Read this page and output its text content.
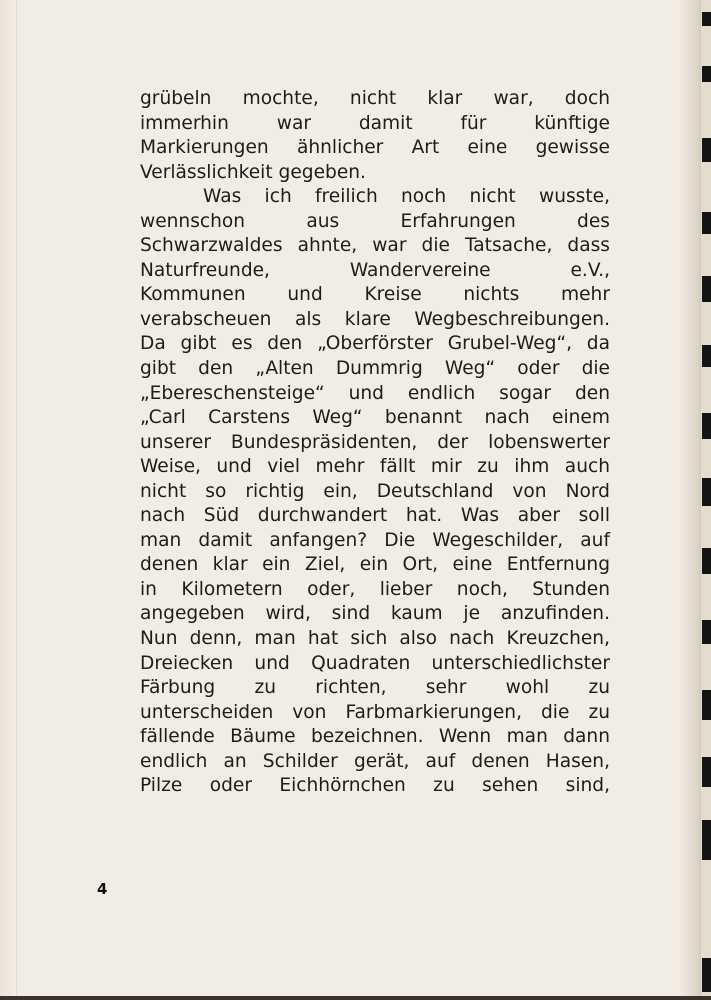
grübeln mochte, nicht klar war, doch
immerhin war damit für künftige
Markierungen ähnlicher Art eine gewisse
Verlässlichkeit gegeben.
Was ich freilich noch nicht wusste,
wennschon aus Erfahrungen des
Schwarzwaldes ahnte, war die Tatsache, dass
Naturfreunde, Wandervereine e.V.,
Kommunen und Kreise nichts mehr
verabscheuen als klare Wegbeschreibungen.
Da gibt es den „Oberförster Grubel-Weg“, da
gibt den „Alten Dummrig Weg“ oder die
„Ebereschensteige“ und endlich sogar den
„Carl Carstens Weg“ benannt nach einem
unserer Bundespräsidenten, der lobenswerter
Weise, und viel mehr fällt mir zu ihm auch
nicht so richtig ein, Deutschland von Nord
nach Süd durchwandert hat. Was aber soll
man damit anfangen? Die Wegeschilder, auf
denen klar ein Ziel, ein Ort, eine Entfernung
in Kilometern oder, lieber noch, Stunden
angegeben wird, sind kaum je anzufinden.
Nun denn, man hat sich also nach Kreuzchen,
Dreiecken und Quadraten unterschiedlichster
Färbung zu richten, sehr wohl zu
unterscheiden von Farbmarkierungen, die zu
fällende Bäume bezeichnen. Wenn man dann
endlich an Schilder gerät, auf denen Hasen,
Pilze oder Eichhörnchen zu sehen sind,
4
